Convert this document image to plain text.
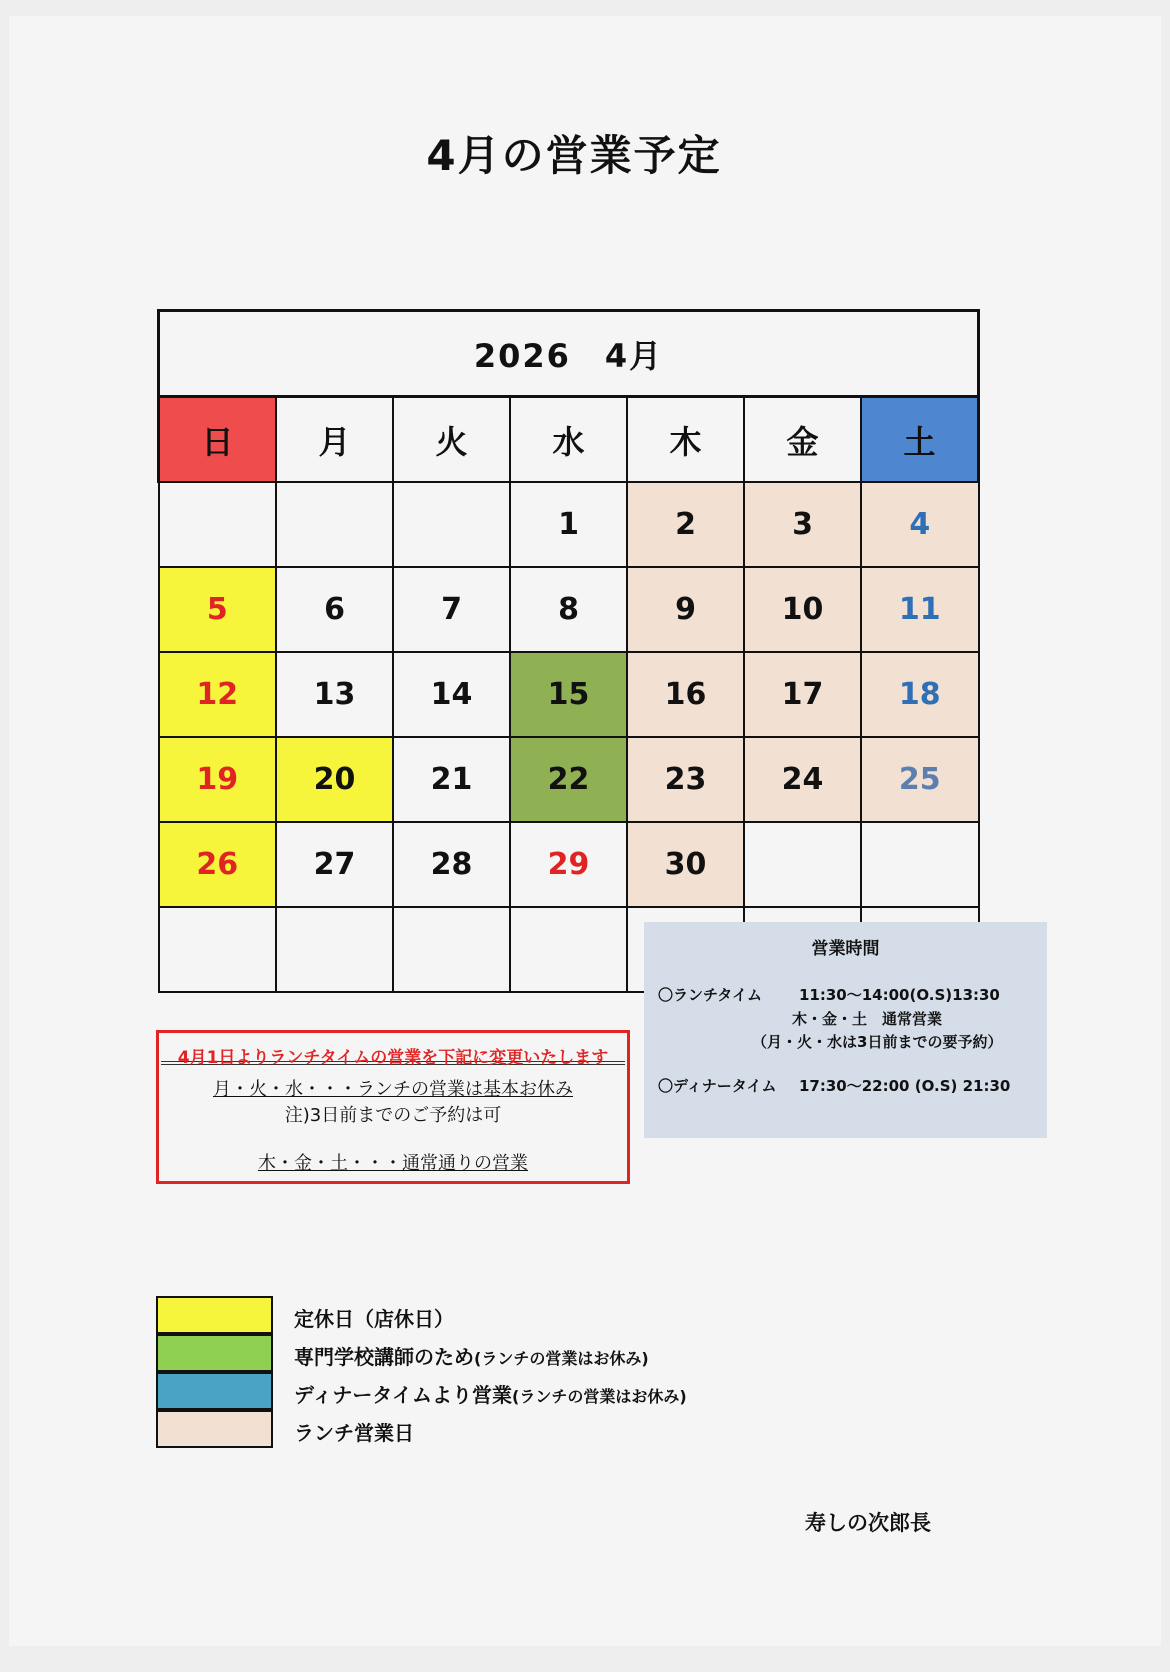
4月の営業予定
2026　4月						
日	月	火	水	木	金	土
			1	2	3	4
5	6	7	8	9	10	11
12	13	14	15	16	17	18
19	20	21	22	23	24	25
26	27	28	29	30		

営業時間
〇ランチタイム 11:30～14:00(O.S)13:30
木・金・土　通常営業
（月・火・水は3日前までの要予約）
〇ディナータイム 17:30～22:00 (O.S) 21:30
4月1日よりランチタイムの営業を下記に変更いたします
月・火・水・・・ランチの営業は基本お休み
注)3日前までのご予約は可
木・金・土・・・通常通りの営業
定休日（店休日）
専門学校講師のため(ランチの営業はお休み)
ディナータイムより営業(ランチの営業はお休み)
ランチ営業日
寿しの次郎長
